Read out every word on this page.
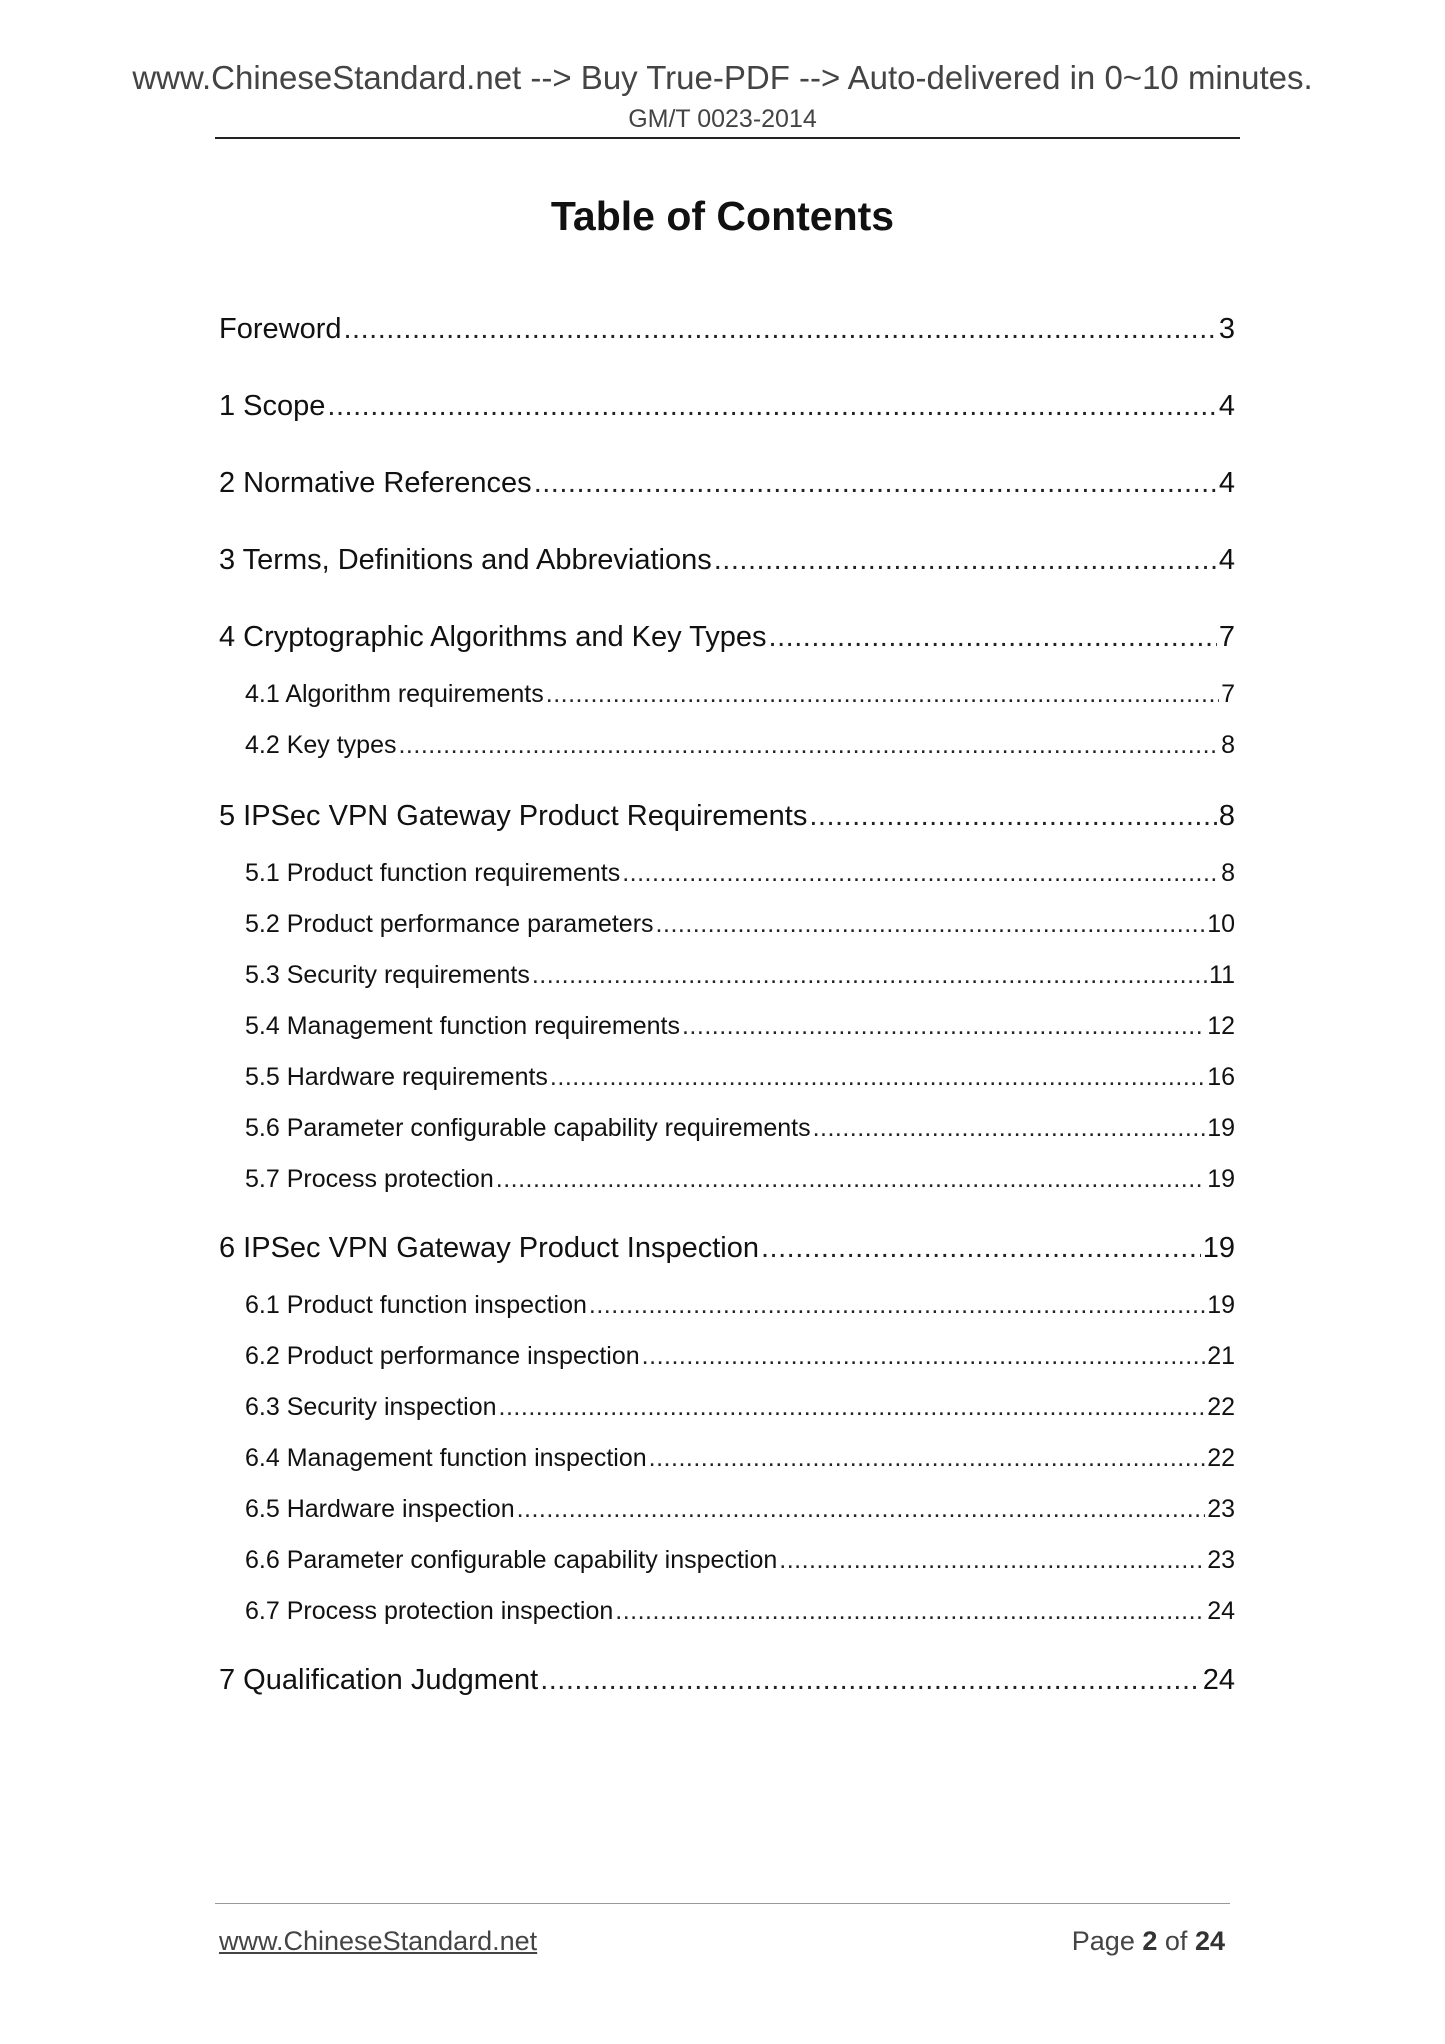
www.ChineseStandard.net --> Buy True-PDF --> Auto-delivered in 0~10 minutes.
GM/T 0023-2014
Table of Contents
Foreword .....	3
1 Scope .....	4
2 Normative References .....	4
3 Terms, Definitions and Abbreviations .....	4
4 Cryptographic Algorithms and Key Types .....	7
4.1 Algorithm requirements .....	7
4.2 Key types .....	8
5 IPSec VPN Gateway Product Requirements .....	8
5.1 Product function requirements .....	8
5.2 Product performance parameters .....	10
5.3 Security requirements .....	11
5.4 Management function requirements .....	12
5.5 Hardware requirements .....	16
5.6 Parameter configurable capability requirements .....	19
5.7 Process protection .....	19
6 IPSec VPN Gateway Product Inspection .....	19
6.1 Product function inspection .....	19
6.2 Product performance inspection .....	21
6.3 Security inspection .....	22
6.4 Management function inspection .....	22
6.5 Hardware inspection .....	23
6.6 Parameter configurable capability inspection .....	23
6.7 Process protection inspection .....	24
7 Qualification Judgment .....	24
www.ChineseStandard.net	Page 2 of 24
